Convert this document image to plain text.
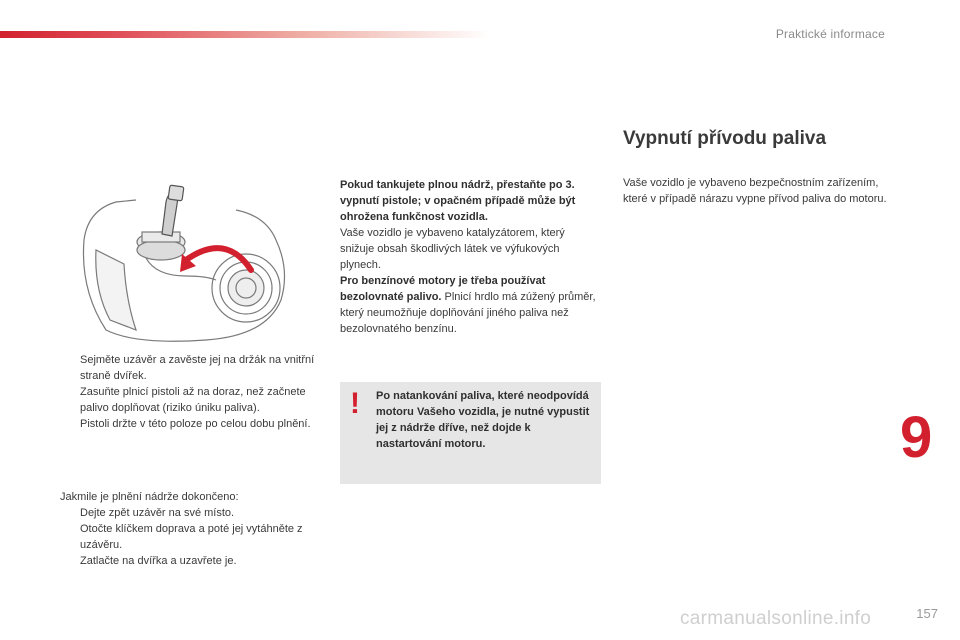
Praktické informace
Sejměte uzávěr a zavěste jej na držák na vnitřní straně dvířek.
Zasuňte plnicí pistoli až na doraz, než začnete palivo doplňovat (riziko úniku paliva).
Pistoli držte v této poloze po celou dobu plnění.
Jakmile je plnění nádrže dokončeno:
Dejte zpět uzávěr na své místo.
Otočte klíčkem doprava a poté jej vytáhněte z uzávěru.
Zatlačte na dvířka a uzavřete je.

Pokud tankujete plnou nádrž, přestaňte po 3. vypnutí pistole; v opačném případě může být ohrožena funkčnost vozidla.

Vaše vozidlo je vybaveno katalyzátorem, který snižuje obsah škodlivých látek ve výfukových plynech.

Pro benzínové motory je třeba používat bezolovnaté palivo. Plnicí hrdlo má zúžený průměr, který neumožňuje doplňování jiného paliva než bezolovnatého benzínu.

! Po natankování paliva, které neodpovídá motoru Vašeho vozidla, je nutné vypustit jej z nádrže dříve, než dojde k nastartování motoru.
Vypnutí přívodu paliva

Vaše vozidlo je vybaveno bezpečnostním zařízením, které v případě nárazu vypne přívod paliva do motoru.

9
157
carmanualsonline.info
